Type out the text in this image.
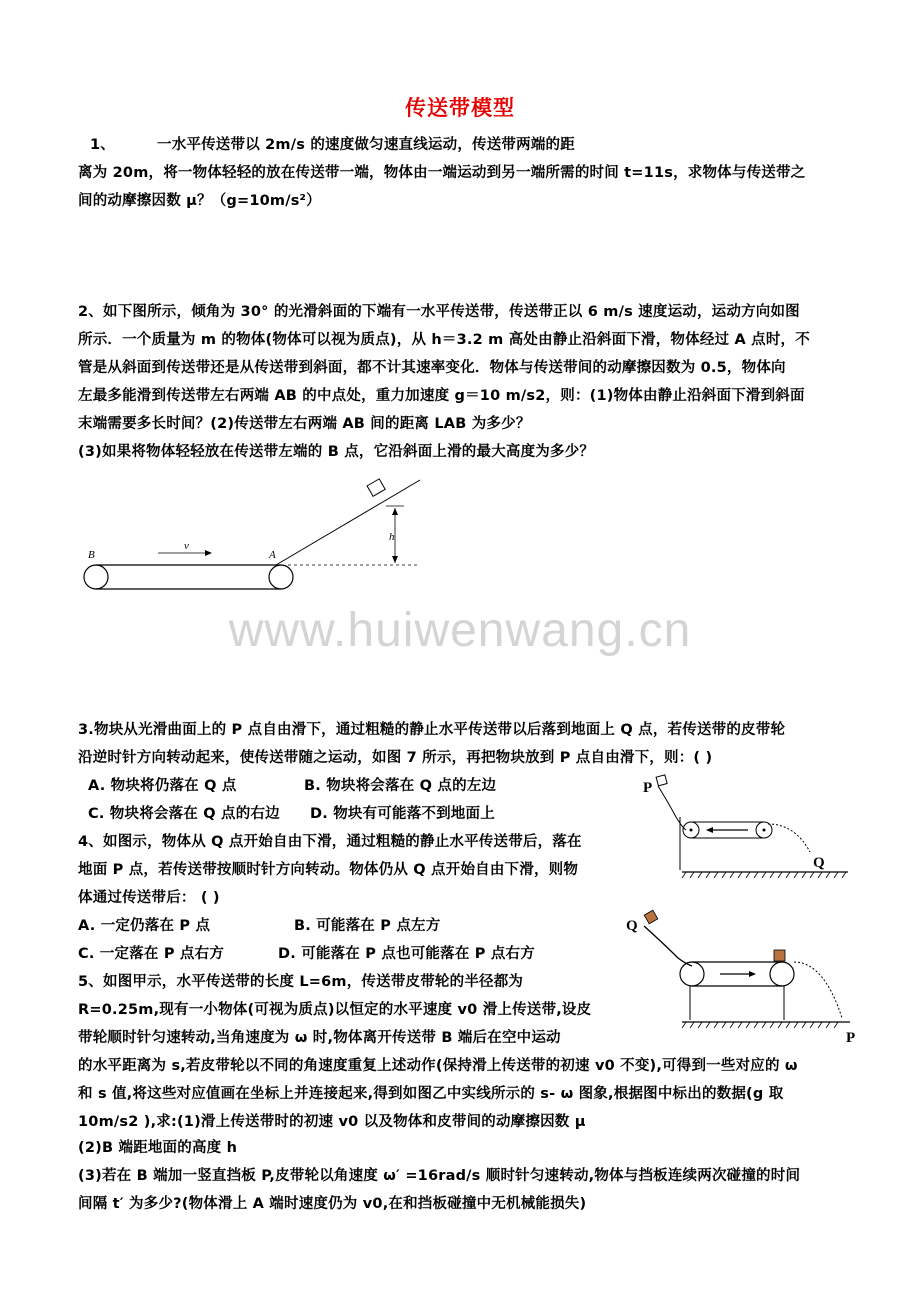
传送带模型
1、	一水平传送带以 2m/s 的速度做匀速直线运动，传送带两端的距
离为 20m，将一物体轻轻的放在传送带一端，物体由一端运动到另一端所需的时间 t=11s，求物体与传送带之
间的动摩擦因数 μ？（g=10m/s²）
2、如下图所示，倾角为 30° 的光滑斜面的下端有一水平传送带，传送带正以 6 m/s 速度运动，运动方向如图
所示．一个质量为 m 的物体(物体可以视为质点)，从 h＝3.2 m 高处由静止沿斜面下滑，物体经过 A 点时，不
管是从斜面到传送带还是从传送带到斜面，都不计其速率变化．物体与传送带间的动摩擦因数为 0.5，物体向
左最多能滑到传送带左右两端 AB 的中点处，重力加速度 g＝10 m/s2，则：(1)物体由静止沿斜面下滑到斜面
末端需要多长时间？(2)传送带左右两端 AB 间的距离 LAB 为多少？
(3)如果将物体轻轻放在传送带左端的 B 点，它沿斜面上滑的最大高度为多少？
v
B	A
h
www.huiwenwang.cn
3.物块从光滑曲面上的 P 点自由滑下，通过粗糙的静止水平传送带以后落到地面上 Q 点，若传送带的皮带轮
沿逆时针方向转动起来，使传送带随之运动，如图 7 所示，再把物块放到 P 点自由滑下，则：( )
A. 物块将仍落在 Q 点	B. 物块将会落在 Q 点的左边
C. 物块将会落在 Q 点的右边 D. 物块有可能落不到地面上
P
Q
4、如图示，物体从 Q 点开始自由下滑，通过粗糙的静止水平传送带后，落在
地面 P 点，若传送带按顺时针方向转动。物体仍从 Q 点开始自由下滑，则物
体通过传送带后： ( )
A. 一定仍落在 P 点	B. 可能落在 P 点左方
C. 一定落在 P 点右方	D. 可能落在 P 点也可能落在 P 点右方
Q
P
5、如图甲示，水平传送带的长度 L=6m，传送带皮带轮的半径都为
R=0.25m,现有一小物体(可视为质点)以恒定的水平速度 v0 滑上传送带,设皮
带轮顺时针匀速转动,当角速度为 ω 时,物体离开传送带 B 端后在空中运动
的水平距离为 s,若皮带轮以不同的角速度重复上述动作(保持滑上传送带的初速 v0 不变),可得到一些对应的 ω
和 s 值,将这些对应值画在坐标上并连接起来,得到如图乙中实线所示的 s- ω 图象,根据图中标出的数据(g 取
10m/s2 ),求:(1)滑上传送带时的初速 v0 以及物体和皮带间的动摩擦因数 μ
(2)B 端距地面的高度 h
(3)若在 B 端加一竖直挡板 P,皮带轮以角速度 ω′ =16rad/s 顺时针匀速转动,物体与挡板连续两次碰撞的时间
间隔 t′ 为多少?(物体滑上 A 端时速度仍为 v0,在和挡板碰撞中无机械能损失)
